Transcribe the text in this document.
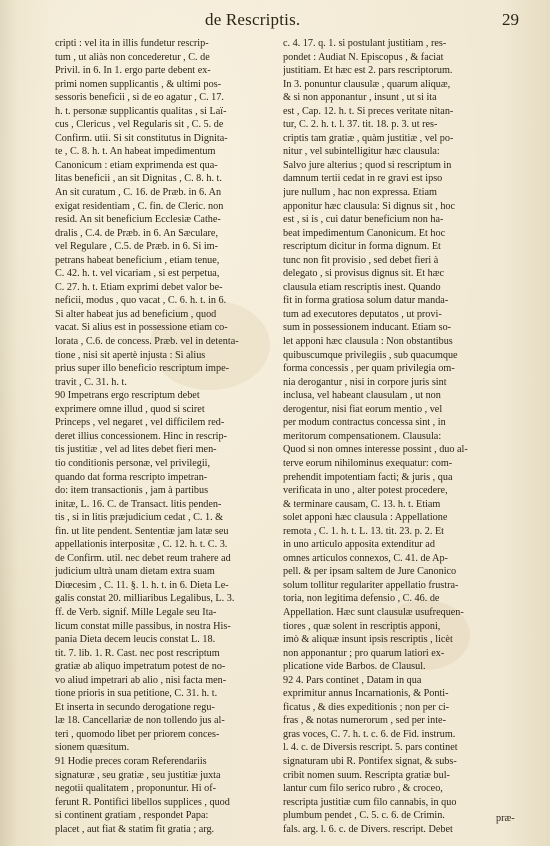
de Rescriptis.	29
cripti : vel ita in illis fundetur rescrip-
tum , ut aliàs non concederetur , C. de
Privil. in 6. In 1. ergo parte debent ex-
primi nomen supplicantis , & ultimi pos-
sessoris beneficii , si de eo agatur , C. 17.
h. t. personæ supplicantis qualitas , si Laï-
cus , Clericus , vel Regularis sit , C. 5. de
Confirm. utii. Si sit constitutus in Dignita-
te , C. 8. h. t. An habeat impedimentum
Canonicum : etiam exprimenda est qua-
litas beneficii , an sit Dignitas , C. 8. h. t.
An sit curatum , C. 16. de Præb. in 6. An
exigat residentiam , C. fin. de Cleric. non
resid. An sit beneficium Ecclesiæ Cathe-
dralis , C.4. de Præb. in 6. An Sæculare,
vel Regulare , C.5. de Præb. in 6. Si im-
petrans habeat beneficium , etiam tenue,
C. 42. h. t. vel vicariam , si est perpetua,
C. 27. h. t. Etiam exprimi debet valor be-
neficii, modus , quo vacat , C. 6. h. t. in 6.
Si alter habeat jus ad beneficium , quod
vacat. Si alius est in possessione etiam co-
lorata , C.6. de concess. Præb. vel in detenta-
tione , nisi sit apertè injusta : Si alius
prius super illo beneficio rescriptum impe-
travit , C. 31. h. t.
90 Impetrans ergo rescriptum debet
exprimere omne illud , quod si sciret
Princeps , vel negaret , vel difficilem red-
deret illius concessionem. Hinc in rescrip-
tis justitiæ , vel ad lites debet fieri men-
tio conditionis personæ, vel privilegii,
quando dat forma rescripto impetran-
do: item transactionis , jam à partibus
initæ, L. 16. C. de Transact. litis penden-
tis , si in litis præjudicium cedat , C. 1. &
fin. ut lite pendent. Sententiæ jam latæ seu
appellationis interpositæ , C. 12. h. t. C. 3.
de Confirm. util. nec debet reum trahere ad
judicium ultrà unam dietam extra suam
Diœcesim , C. 11. §. 1. h. t. in 6. Dieta Le-
galis constat 20. milliaribus Legalibus, L. 3.
ff. de Verb. signif. Mille Legale seu Ita-
licum constat mille passibus, in nostra His-
pania Dieta decem leucis constat L. 18.
tit. 7. lib. 1. R. Cast. nec post rescriptum
gratiæ ab aliquo impetratum potest de no-
vo aliud impetrari ab alio , nisi facta men-
tione prioris in sua petitione, C. 31. h. t.
Et inserta in secundo derogatione regu-
læ 18. Cancellariæ de non tollendo jus al-
teri , quomodo libet per priorem conces-
sionem quæsitum.
91 Hodie preces coram Referendariis
signaturæ , seu gratiæ , seu justitiæ juxta
negotii qualitatem , proponuntur. Hi of-
ferunt R. Pontifici libellos supplices , quod
si continent gratiam , respondet Papa:
placet , aut fiat & statim fit gratia ; arg.
c. 4. 17. q. 1. si postulant justitiam , res-
pondet : Audiat N. Episcopus , & faciat
justitiam. Et hæc est 2. pars rescriptorum.
In 3. ponuntur clausulæ , quarum aliquæ,
& si non apponantur , insunt , ut si ita
est , Cap. 12. h. t. Si preces veritate nitan-
tur, C. 2. h. t. l. 37. tit. 18. p. 3. ut res-
criptis tam gratiæ , quàm justitiæ , vel po-
nitur , vel subintelligitur hæc clausula:
Salvo jure alterius ; quod si rescriptum in
damnum tertii cedat in re gravi est ipso
jure nullum , hac non expressa. Etiam
apponitur hæc clausula: Si dignus sit , hoc
est , si is , cui datur beneficium non ha-
beat impedimentum Canonicum. Et hoc
rescriptum dicitur in forma dignum. Et
tunc non fit provisio , sed debet fieri à
delegato , si provisus dignus sit. Et hæc
clausula etiam rescriptis inest. Quando
fit in forma gratiosa solum datur manda-
tum ad executores deputatos , ut provi-
sum in possessionem inducant. Etiam so-
let apponi hæc clausula : Non obstantibus
quibuscumque privilegiis , sub quacumque
forma concessis , per quam privilegia om-
nia derogantur , nisi in corpore juris sint
inclusa, vel habeant clausulam , ut non
derogentur, nisi fiat eorum mentio , vel
per modum contractus concessa sint , in
meritorum compensationem. Clausula:
Quod si non omnes interesse possint , duo al-
terve eorum nihilominus exequatur: com-
prehendit impotentiam facti; & juris , qua
verificata in uno , alter potest procedere,
& terminare causam, C. 13. h. t. Etiam
solet apponi hæc clausula : Appellatione
remota , C. 1. h. t. L. 13. tit. 23. p. 2. Et
in uno articulo apposita extenditur ad
omnes articulos connexos, C. 41. de Ap-
pell. & per ipsam saltem de Jure Canonico
solum tollitur regulariter appellatio frustra-
toria, non legitima defensio , C. 46. de
Appellation. Hæc sunt clausulæ usufrequen-
tiores , quæ solent in rescriptis apponi,
imò & aliquæ insunt ipsis rescriptis , licèt
non apponantur ; pro quarum latiori ex-
plicatione vide Barbos. de Clausul.
92 4. Pars continet , Datam in qua
exprimitur annus Incarnationis, & Ponti-
ficatus , & dies expeditionis ; non per ci-
fras , & notas numerorum , sed per inte-
gras voces, C. 7. h. t. c. 6. de Fid. instrum.
l. 4. c. de Diversis rescript. 5. pars continet
signaturam ubi R. Pontifex signat, & subs-
cribit nomen suum. Rescripta gratiæ bul-
lantur cum filo serico rubro , & croceo,
rescripta justitiæ cum filo cannabis, in quo
plumbum pendet , C. 5. c. 6. de Crimin.
fals. arg. l. 6. c. de Divers. rescript. Debet
præ-
